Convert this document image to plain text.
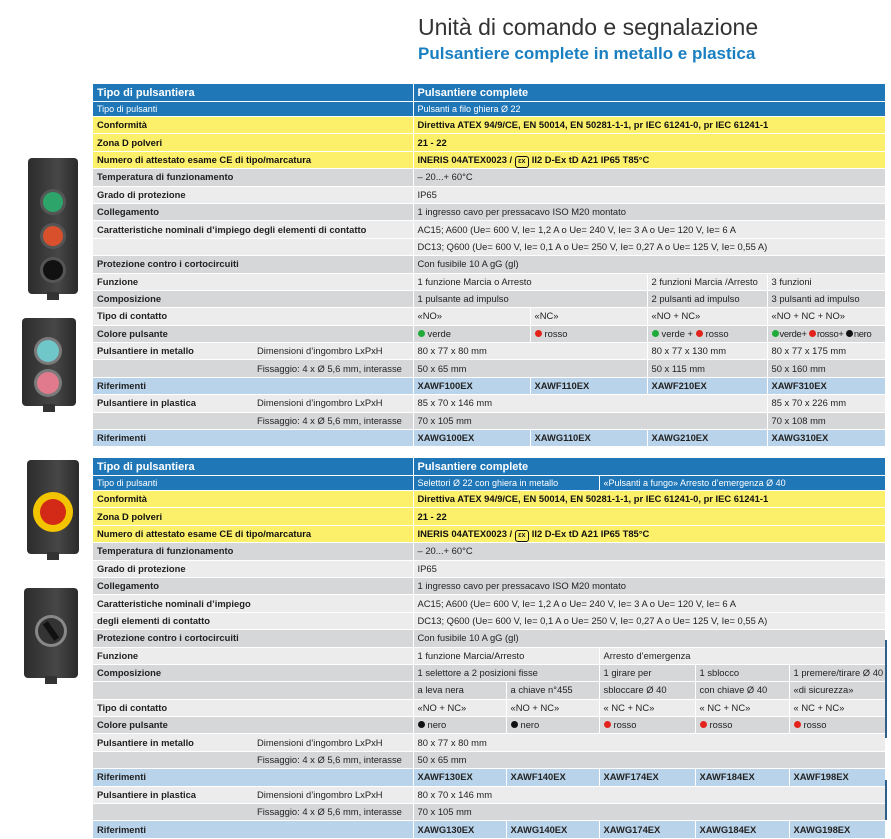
Unità di comando e segnalazione
Pulsantiere complete in metallo e plastica
Tipo di pulsantiera		Pulsantiere complete			
Tipo di pulsanti		Pulsanti a filo ghiera Ø 22			
Conformità		Direttiva ATEX 94/9/CE, EN 50014, EN 50281-1-1, pr IEC 61241-0, pr IEC 61241-1			
Zona D polveri		21 - 22			
Numero di attestato esame CE di tipo/marcatura		INERIS 04ATEX0023 / εx II2 D-Ex tD A21 IP65 T85°C			
Temperatura di funzionamento		– 20...+ 60°C			
Grado di protezione		IP65			
Collegamento		1 ingresso cavo per pressacavo ISO M20 montato			
Caratteristiche nominali d’impiego degli elementi di contatto		AC15; A600 (Ue= 600 V, Ie= 1,2 A o Ue= 240 V, Ie= 3 A o Ue= 120 V, Ie= 6 A			
		DC13; Q600 (Ue= 600 V, Ie= 0,1 A o Ue= 250 V, Ie= 0,27 A o Ue= 125 V, Ie= 0,55 A)			
Protezione contro i cortocircuiti		Con fusibile 10 A gG (gl)			
Funzione		1 funzione Marcia o Arresto		2 funzioni Marcia /Arresto	3 funzioni
Composizione		1 pulsante ad impulso		2 pulsanti ad impulso	3 pulsanti ad impulso
Tipo di contatto		«NO»	«NC»	«NO + NC»	«NO + NC + NO»
Colore pulsante		verde	rosso	verde + rosso	verde+ rosso+ nero
Pulsantiere in metallo	Dimensioni d’ingombro LxPxH	80 x 77 x 80 mm		80 x 77 x 130 mm	80 x 77 x 175 mm
	Fissaggio: 4 x Ø 5,6 mm, interasse	50 x 65 mm		50 x 115 mm	50 x 160 mm
Riferimenti		XAWF100EX	XAWF110EX	XAWF210EX	XAWF310EX
Pulsantiere in plastica	Dimensioni d’ingombro LxPxH	85 x 70 x 146 mm			85 x 70 x 226 mm
	Fissaggio: 4 x Ø 5,6 mm, interasse	70 x 105 mm			70 x 108 mm
Riferimenti		XAWG100EX	XAWG110EX	XAWG210EX	XAWG310EX
Tipo di pulsantiera		Pulsantiere complete				
Tipo di pulsanti		Selettori Ø 22 con ghiera in metallo		«Pulsanti a fungo» Arresto d’emergenza Ø 40		
Conformità		Direttiva ATEX 94/9/CE, EN 50014, EN 50281-1-1, pr IEC 61241-0, pr IEC 61241-1				
Zona D polveri		21 - 22				
Numero di attestato esame CE di tipo/marcatura		INERIS 04ATEX0023 / εx II2 D-Ex tD A21 IP65 T85°C				
Temperatura di funzionamento		– 20...+ 60°C				
Grado di protezione		IP65				
Collegamento		1 ingresso cavo per pressacavo ISO M20 montato				
Caratteristiche nominali d’impiego		AC15; A600 (Ue= 600 V, Ie= 1,2 A o Ue= 240 V, Ie= 3 A o Ue= 120 V, Ie= 6 A				
degli elementi di contatto		DC13; Q600 (Ue= 600 V, Ie= 0,1 A o Ue= 250 V, Ie= 0,27 A o Ue= 125 V, Ie= 0,55 A)				
Protezione contro i cortocircuiti		Con fusibile 10 A gG (gl)				
Funzione		1 funzione Marcia/Arresto		Arresto d’emergenza		
Composizione		1 selettore a 2 posizioni fisse		1 girare per	1 sblocco	1 premere/tirare Ø 40
		a leva nera	a chiave n°455	sbloccare Ø 40	con chiave Ø 40	«di sicurezza»
Tipo di contatto		«NO + NC»	«NO + NC»	« NC + NC»	« NC + NC»	« NC + NC»
Colore pulsante		nero	nero	rosso	rosso	rosso
Pulsantiere in metallo	Dimensioni d’ingombro LxPxH	80 x 77 x 80 mm				
	Fissaggio: 4 x Ø 5,6 mm, interasse	50 x 65 mm				
Riferimenti		XAWF130EX	XAWF140EX	XAWF174EX	XAWF184EX	XAWF198EX
Pulsantiere in plastica	Dimensioni d’ingombro LxPxH	80 x 70 x 146 mm				
	Fissaggio: 4 x Ø 5,6 mm, interasse	70 x 105 mm				
Riferimenti		XAWG130EX	XAWG140EX	XAWG174EX	XAWG184EX	XAWG198EX
